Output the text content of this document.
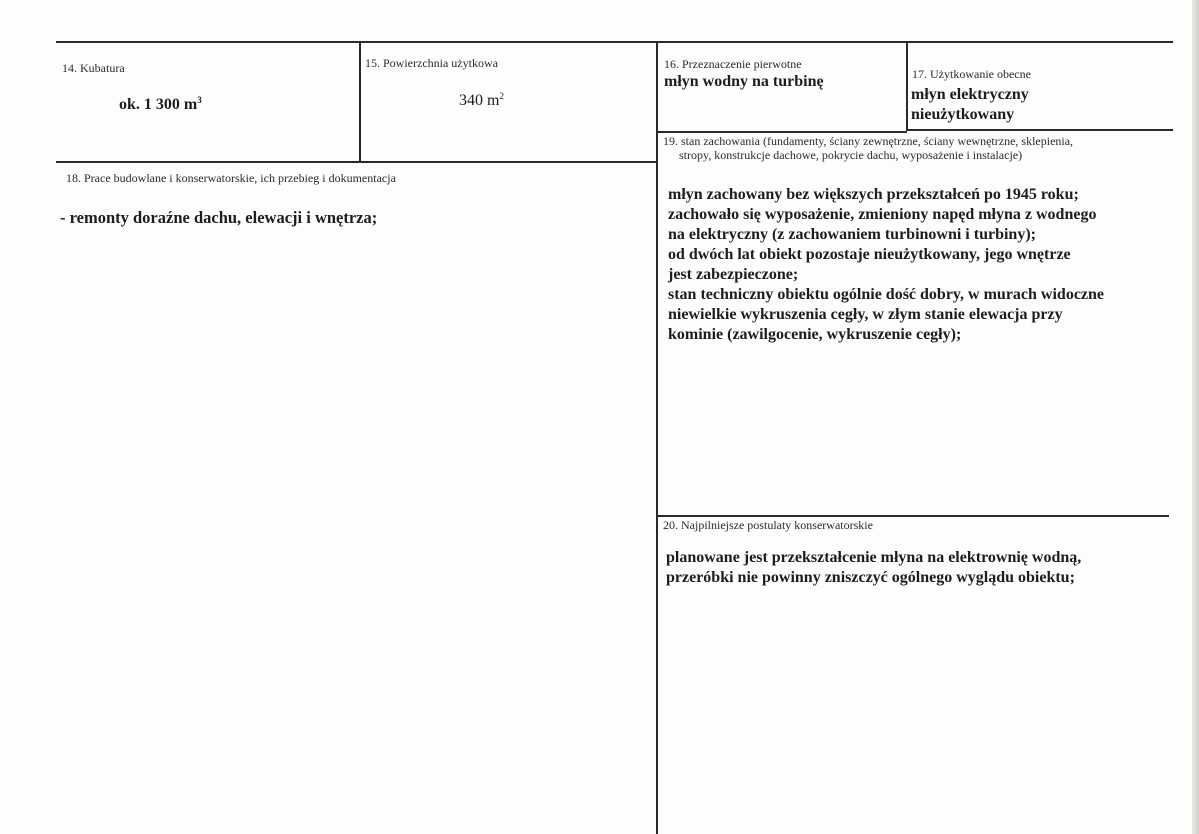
14. Kubatura
ok. 1 300 $m^3$
15. Powierzchnia użytkowa
340 $m^2$
16. Przeznaczenie pierwotne
młyn wodny na turbinę	17. Użytkowanie obecne
młyn elektryczny
nieużytkowany
18. Prace budowlane i konserwatorskie, ich przebieg i dokumentacja
- remonty doraźne dachu, elewacji i wnętrza;
19. stan zachowania (fundamenty, ściany zewnętrzne, ściany wewnętrzne, sklepienia,
stropy, konstrukcje dachowe, pokrycie dachu, wyposażenie i instalacje)
młyn zachowany bez większych przekształceń po 1945 roku;
zachowało się wyposażenie, zmieniony napęd młyna z wodnego
na elektryczny (z zachowaniem turbinowni i turbiny);
od dwóch lat obiekt pozostaje nieużytkowany, jego wnętrze
jest zabezpieczone;
stan techniczny obiektu ogólnie dość dobry, w murach widoczne
niewielkie wykruszenia cegły, w złym stanie elewacja przy
kominie (zawilgocenie, wykruszenie cegły);
20. Najpilniejsze postulaty konserwatorskie
planowane jest przekształcenie młyna na elektrownię wodną,
przeróbki nie powinny zniszczyć ogólnego wyglądu obiektu;
